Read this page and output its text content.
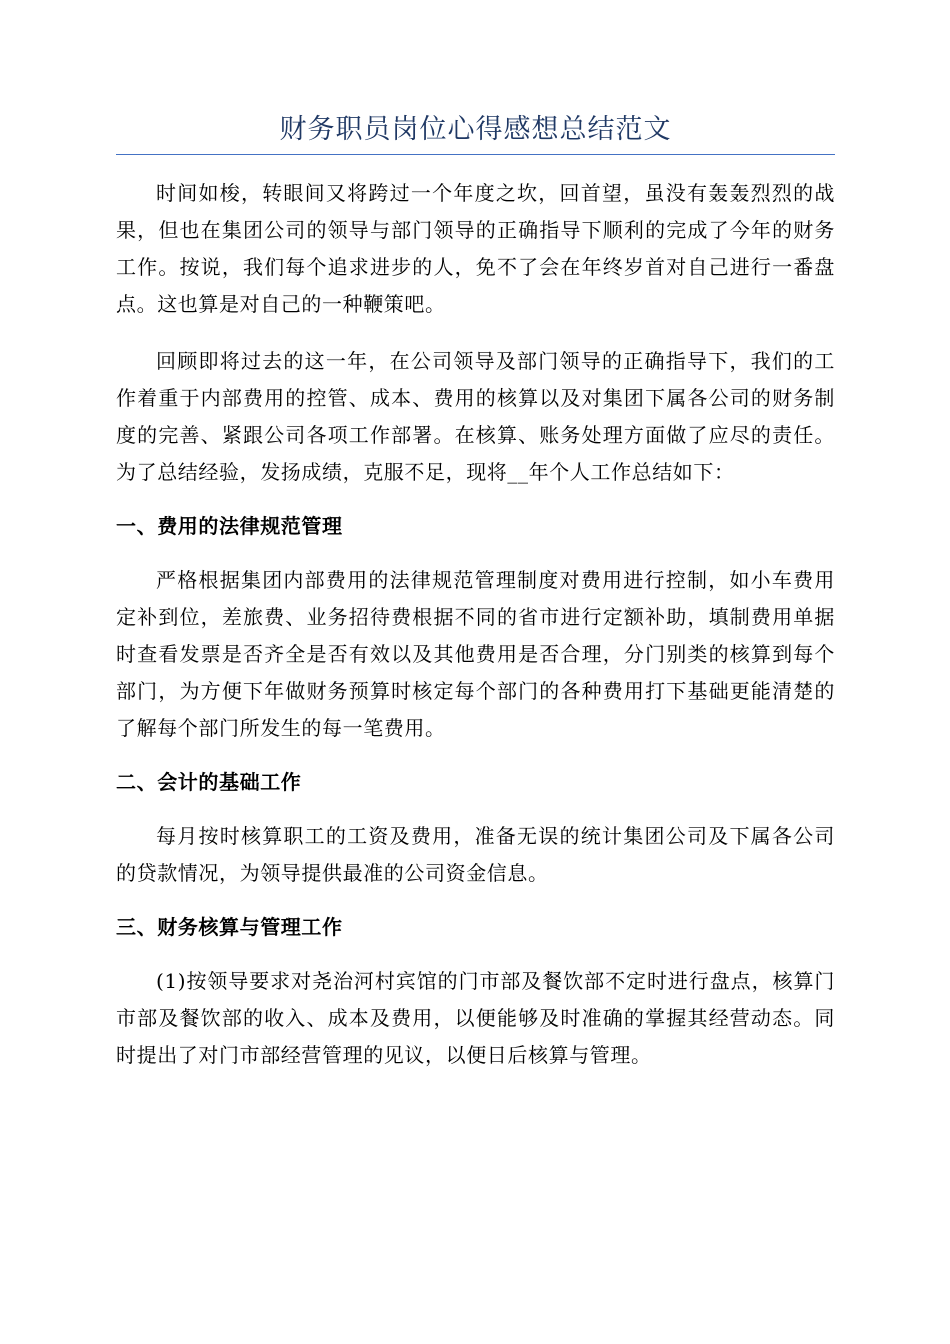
财务职员岗位心得感想总结范文

时间如梭，转眼间又将跨过一个年度之坎，回首望，虽没有轰轰烈烈的战果，但也在集团公司的领导与部门领导的正确指导下顺利的完成了今年的财务工作。按说，我们每个追求进步的人，免不了会在年终岁首对自己进行一番盘点。这也算是对自己的一种鞭策吧。

回顾即将过去的这一年，在公司领导及部门领导的正确指导下，我们的工作着重于内部费用的控管、成本、费用的核算以及对集团下属各公司的财务制度的完善、紧跟公司各项工作部署。在核算、账务处理方面做了应尽的责任。为了总结经验，发扬成绩，克服不足，现将__年个人工作总结如下：

一、费用的法律规范管理

严格根据集团内部费用的法律规范管理制度对费用进行控制，如小车费用定补到位，差旅费、业务招待费根据不同的省市进行定额补助，填制费用单据时查看发票是否齐全是否有效以及其他费用是否合理，分门别类的核算到每个部门，为方便下年做财务预算时核定每个部门的各种费用打下基础更能清楚的了解每个部门所发生的每一笔费用。

二、会计的基础工作

每月按时核算职工的工资及费用，准备无误的统计集团公司及下属各公司的贷款情况，为领导提供最准的公司资金信息。

三、财务核算与管理工作

(1)按领导要求对尧治河村宾馆的门市部及餐饮部不定时进行盘点，核算门市部及餐饮部的收入、成本及费用，以便能够及时准确的掌握其经营动态。同时提出了对门市部经营管理的见议，以便日后核算与管理。
